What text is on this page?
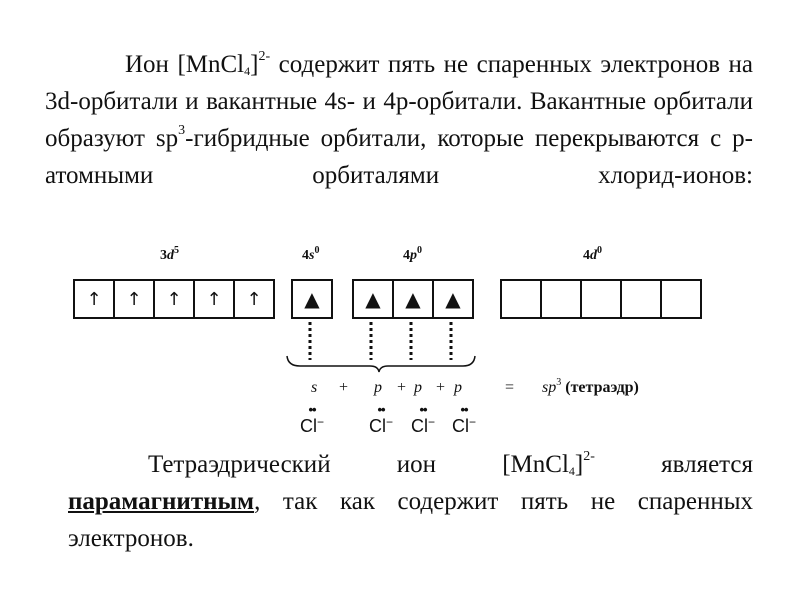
Ион [MnCl$_4$]$^{2-}$ содержит пять не спаренных электронов на 3d-орбитали и вакантные 4s- и 4p-орбитали. Вакантные орбитали образуют $sp^3$-гибридные орбитали, которые перекрываются с p-атомными орбиталями хлорид-ионов:
$3d^5$	$4s^0$	$4p^0$	$4d^0$
↑	↑	↑	↑	↑	▲	▲	▲	▲
s + p + p + p	= $sp^3$ (тетраэдр)
••
Cl−
••
Cl−
••
Cl−
••
Cl−
Тетраэдрический ион [MnCl$_4$]$^{2-}$ является парамагнитным, так как содержит пять не спаренных электронов.
